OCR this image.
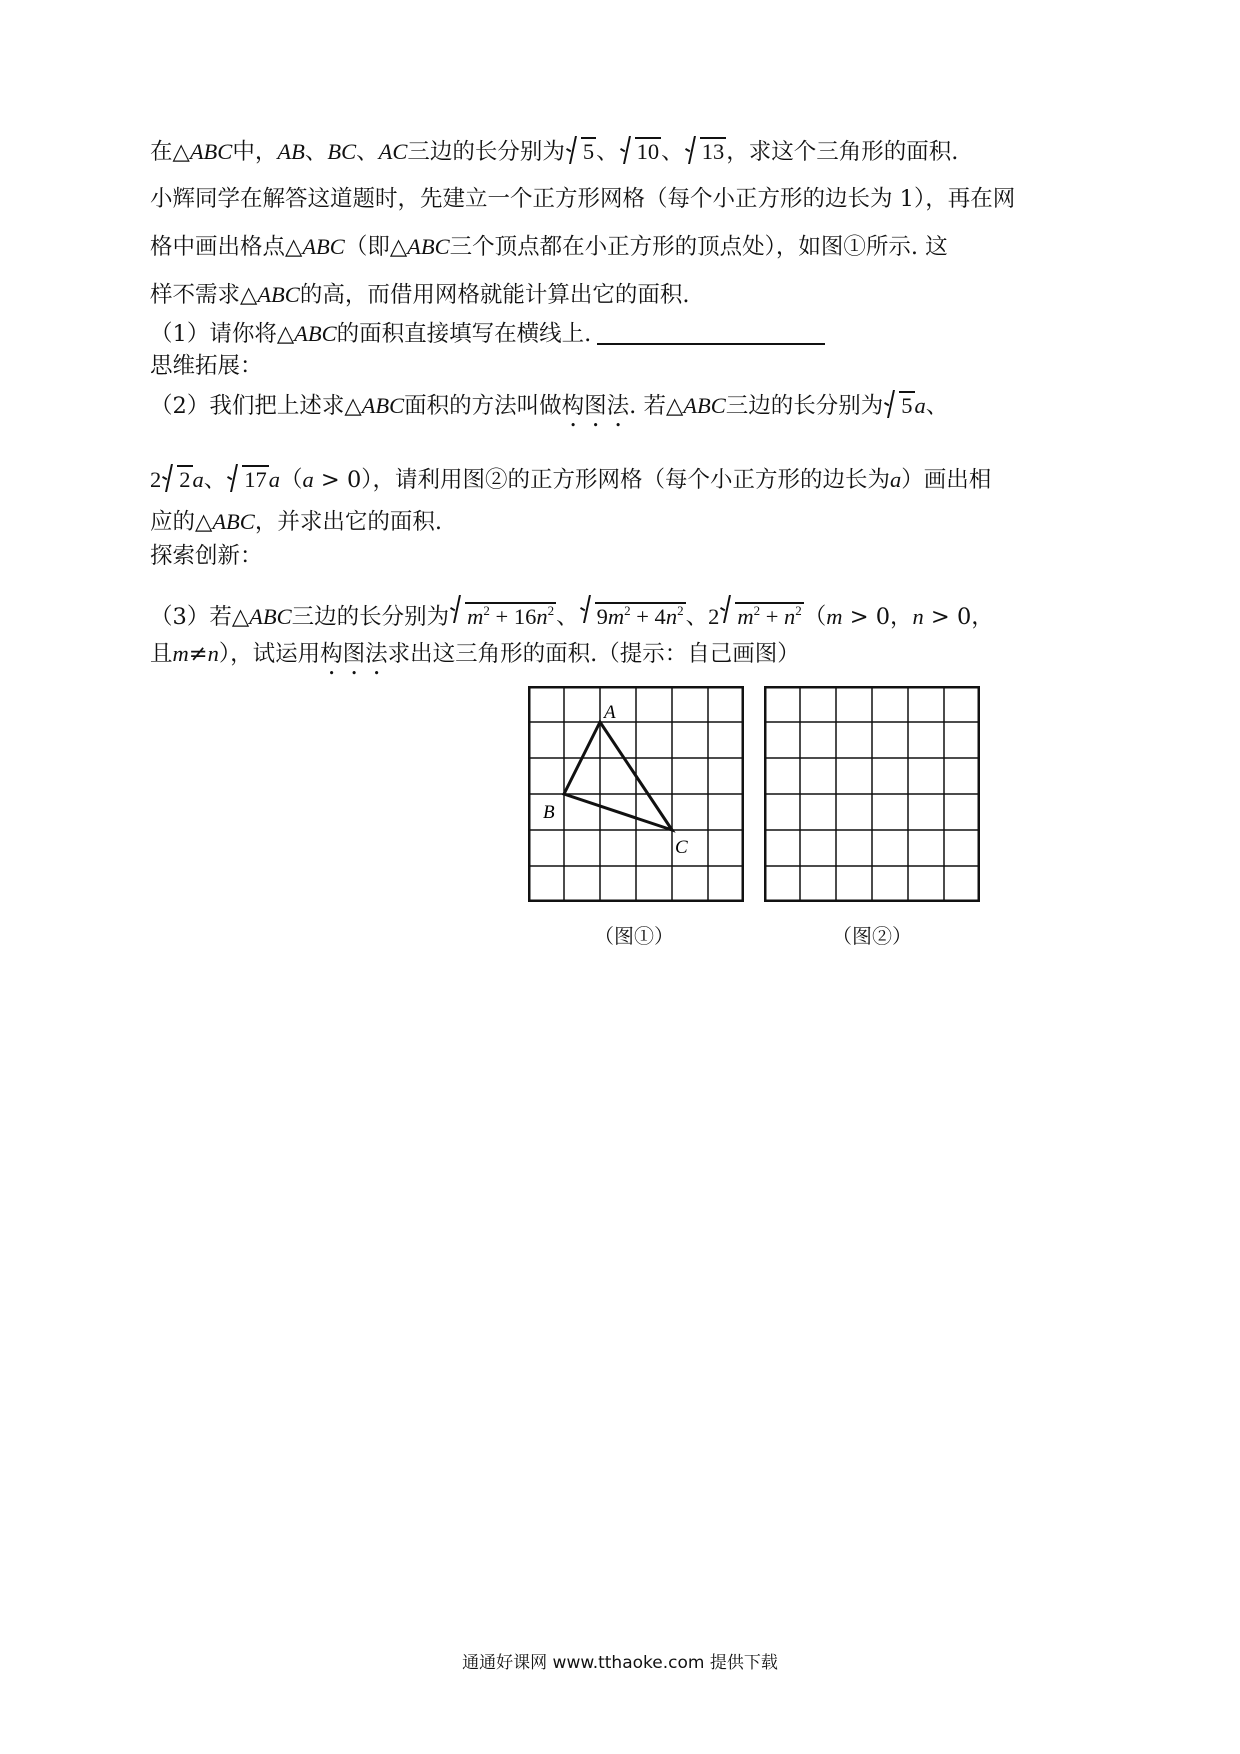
在△ABC中，AB、BC、AC三边的长分别为 5、 10、 13，求这个三角形的面积.
小辉同学在解答这道题时，先建立一个正方形网格（每个小正方形的边长为 1），再在网
格中画出格点△ABC（即△ABC三个顶点都在小正方形的顶点处），如图①所示. 这
样不需求△ABC的高，而借用网格就能计算出它的面积.
（1）请你将△ABC的面积直接填写在横线上.
思维拓展：
（2）我们把上述求△ABC面积的方法叫做构图法. 若△ABC三边的长分别为 5a、
2 2a、 17a（a > 0），请利用图②的正方形网格（每个小正方形的边长为a）画出相
应的△ABC，并求出它的面积.
探索创新：
（3）若△ABC三边的长分别为 $m^2 + 16n^2$、 $9m^2 + 4n^2$、2 $m^2 + n^2(m > 0$，n > 0，
且m≠n），试运用构图法求出这三角形的面积.（提示：自己画图）
A
B
C
（图①）	（图②）
通通好课网 www.tthaoke.com 提供下载
